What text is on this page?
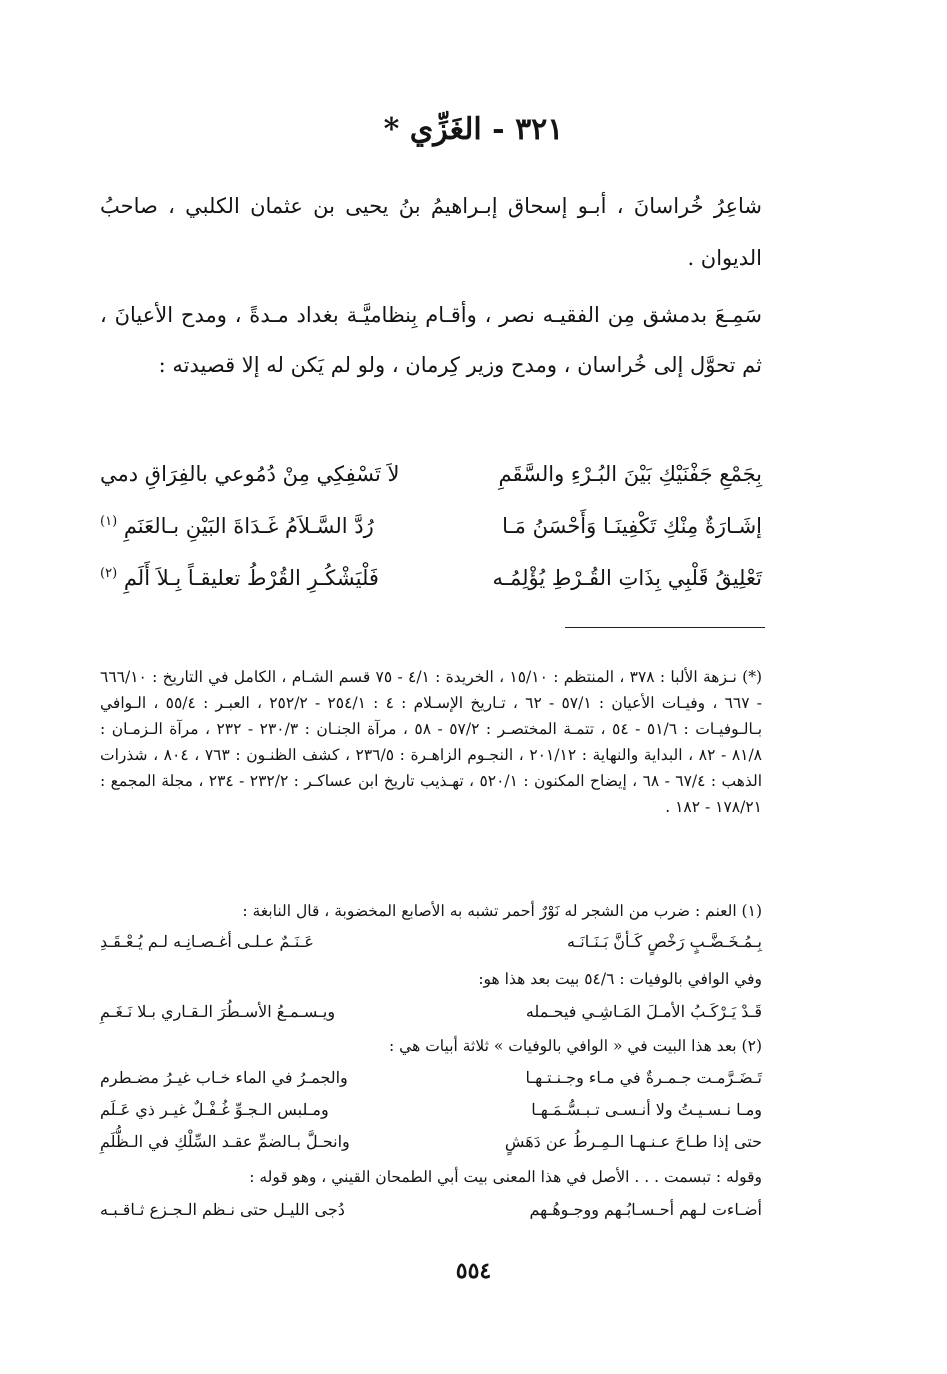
٣٢١ - الغَزِّي *
شاعِرُ خُراسانَ ، أبـو إسحاق إبـراهيمُ بنُ يحيى بن عثمان الكلبي ، صاحبُ الديوان .
سَمِـعَ بدمشق مِن الفقيـه نصر ، وأقـام بِنظاميَّـة بغداد مـدةً ، ومدح الأعيانَ ، ثم تحوَّل إلى خُراسان ، ومدح وزير كِرمان ، ولو لم يَكن له إلا قصيدته :
بِجَمْعِ جَفْنَيْكِ بَيْنَ البُـرْءِ والسَّقَمِ
لاَ تَسْفِكِي مِنْ دُمُوعي بالفِرَاقِ دمي
إشَـارَةٌ مِنْكِ تَكْفِينَـا وَأَحْسَنُ مَـا
رُدَّ السَّـلاَمُ غَـدَاةَ البَيْنِ بـالعَنَمِ $^{(١)}$
تَعْلِيقُ قَلْبِي بِذَاتِ القُـرْطِ يُؤْلِمُـه
فَلْيَشْكُـرِ القُرْطُ تعليقـاً بِـلاَ أَلَمِ $^{(٢)}$
(*) نـزهة الألبا : ٣٧٨ ، المنتظم : ١٥/١٠ ، الخريدة : ٤/١ - ٧٥ قسم الشـام ، الكامل في التاريخ : ٦٦٦/١٠ - ٦٦٧ ، وفيـات الأعيان : ٥٧/١ - ٦٢ ، تـاريخ الإسـلام : ٤ : ٢٥٤/١ - ٢٥٢/٢ ، العبـر : ٥٥/٤ ، الـوافي بـالـوفيـات : ٥١/٦ - ٥٤ ، تتمـة المختصـر : ٥٧/٢ - ٥٨ ، مرآة الجنـان : ٢٣٠/٣ - ٢٣٢ ، مرآة الـزمـان : ٨١/٨ - ٨٢ ، البداية والنهاية : ٢٠١/١٢ ، النجـوم الزاهـرة : ٢٣٦/٥ ، كشف الظنـون : ٧٦٣ ، ٨٠٤ ، شذرات الذهب : ٦٧/٤ - ٦٨ ، إيضاح المكنون : ٥٢٠/١ ، تهـذيب تاريخ ابن عساكـر : ٢٣٢/٢ - ٢٣٤ ، مجلة المجمع : ١٧٨/٢١ - ١٨٢ .
(١) العنم : ضرب من الشجر له نَوْرٌ أحمر تشبه به الأصابع المخضوبة ، قال النابغة :
بِـمُـخَـضَّـبٍ رَخْصٍ كَـأنَّ بَـنَـانَـه
عَـنَـمٌ عـلـى أغـصـانِـه لـم يُـعْـقَـدِ
وفي الوافي بالوفيات : ٥٤/٦ بيت بعد هذا هو:
قَـدْ يَـرْكَـبُ الأمـلَ المَـاشِـي فيحـمله
ويـسـمـعُ الأسـطُرَ الـقـاري بـلا نَـغَـمِ
(٢) بعد هذا البيت في « الوافي بالوفيات » ثلاثة أبيات هي :
تَـضَـرَّمـت جـمـرةٌ في مـاء وجـنـتـهـا
والجمـرُ في الماء خـاب غيـرُ مضـطرم
ومـا نـسـيـتُ ولا أنـسـى تـبـسُّـمَـهـا
ومـلبس الـجـوِّ غُـفْـلٌ غيـر ذي عَـلَم
حتى إذا طـاحَ عـنـهـا الـمِـرطُ عن دَهَشٍ
وانحـلَّ بـالضمِّ عقـد السِّلْكِ في الـظُّلَمِ
وقوله : تبسمت . . . الأصل في هذا المعنى بيت أبي الطمحان القيني ، وهو قوله :
أضـاءت لـهم أحـسـابُـهم ووجـوهُـهم
دُجى الليـل حتى نـظم الـجـزع ثـاقـبـه
٥٥٤
